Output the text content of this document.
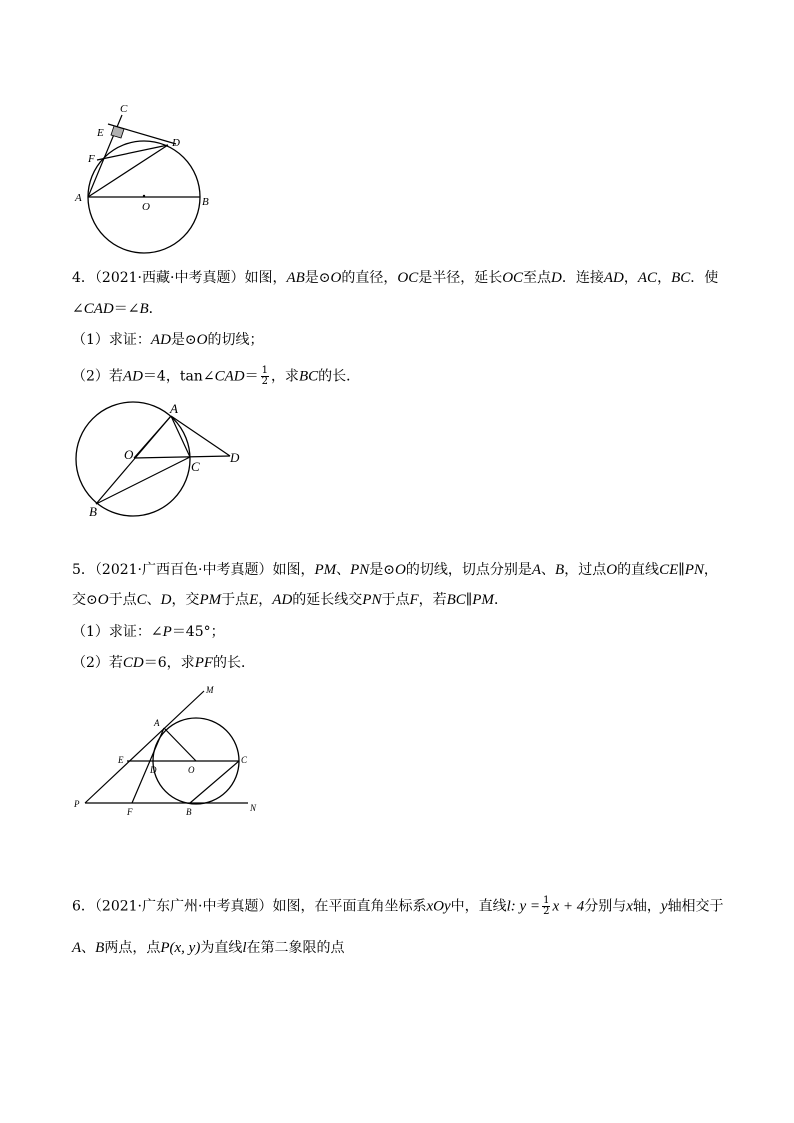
C
E
D
F
A
O	B
4．（2021·西藏·中考真题）如图，AB是⊙O的直径，OC是半径，延长OC至点D．连接AD，AC，BC．使
∠CAD＝∠B．
（1）求证：AD是⊙O的切线；
（2）若AD＝4，tan∠CAD＝ $\frac{1}{2}$ ，求BC的长．
A
O
C
D
B
5．（2021·广西百色·中考真题）如图，PM、PN是⊙O的切线，切点分别是A、B，过点O的直线CE∥PN，
交⊙O于点C、D，交PM于点E，AD的延长线交PN于点F，若BC∥PM．
（1）求证：∠P＝45°；
（2）若CD＝6，求PF的长．
M
A
E
D	O
C
P
F	B	N
6．（2021·广东广州·中考真题）如图，在平面直角坐标系xOy中，直线l: $y = \frac{1}{2}$ x + 4分别与x轴，y轴相交于
A、B两点，点P(x, y)为直线l在第二象限的点
